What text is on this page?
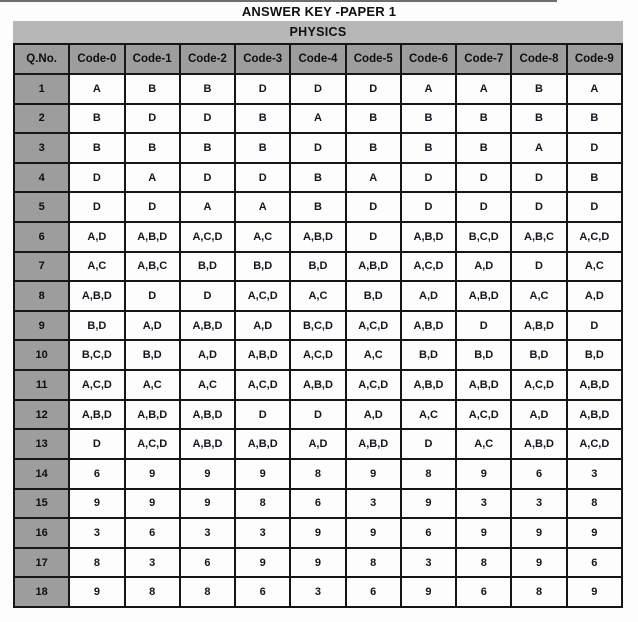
ANSWER KEY -PAPER 1
PHYSICS
Q.No.	Code-0	Code-1	Code-2	Code-3	Code-4	Code-5	Code-6	Code-7	Code-8	Code-9
1	A	B	B	D	D	D	A	A	B	A
2	B	D	D	B	A	B	B	B	B	B
3	B	B	B	B	D	B	B	B	A	D
4	D	A	D	D	B	A	D	D	D	B
5	D	D	A	A	B	D	D	D	D	D
6	A,D	A,B,D	A,C,D	A,C	A,B,D	D	A,B,D	B,C,D	A,B,C	A,C,D
7	A,C	A,B,C	B,D	B,D	B,D	A,B,D	A,C,D	A,D	D	A,C
8	A,B,D	D	D	A,C,D	A,C	B,D	A,D	A,B,D	A,C	A,D
9	B,D	A,D	A,B,D	A,D	B,C,D	A,C,D	A,B,D	D	A,B,D	D
10	B,C,D	B,D	A,D	A,B,D	A,C,D	A,C	B,D	B,D	B,D	B,D
11	A,C,D	A,C	A,C	A,C,D	A,B,D	A,C,D	A,B,D	A,B,D	A,C,D	A,B,D
12	A,B,D	A,B,D	A,B,D	D	D	A,D	A,C	A,C,D	A,D	A,B,D
13	D	A,C,D	A,B,D	A,B,D	A,D	A,B,D	D	A,C	A,B,D	A,C,D
14	6	9	9	9	8	9	8	9	6	3
15	9	9	9	8	6	3	9	3	3	8
16	3	6	3	3	9	9	6	9	9	9
17	8	3	6	9	9	8	3	8	9	6
18	9	8	8	6	3	6	9	6	8	9
